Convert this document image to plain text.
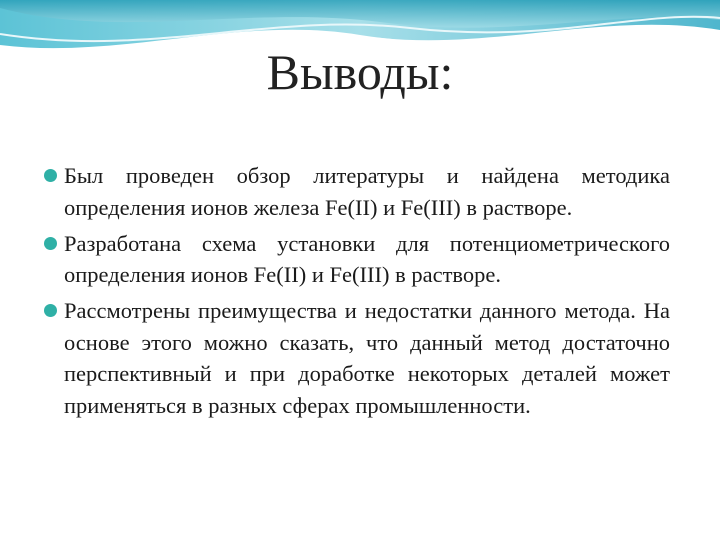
Выводы:
Был проведен обзор литературы и найдена методика определения ионов железа Fe(II) и Fe(III) в растворе.
Разработана схема установки для потенциометрического определения ионов Fe(II) и Fe(III) в растворе.
Рассмотрены преимущества и недостатки данного метода. На основе этого можно сказать, что данный метод достаточно перспективный и при доработке некоторых деталей может применяться в разных сферах промышленности.
